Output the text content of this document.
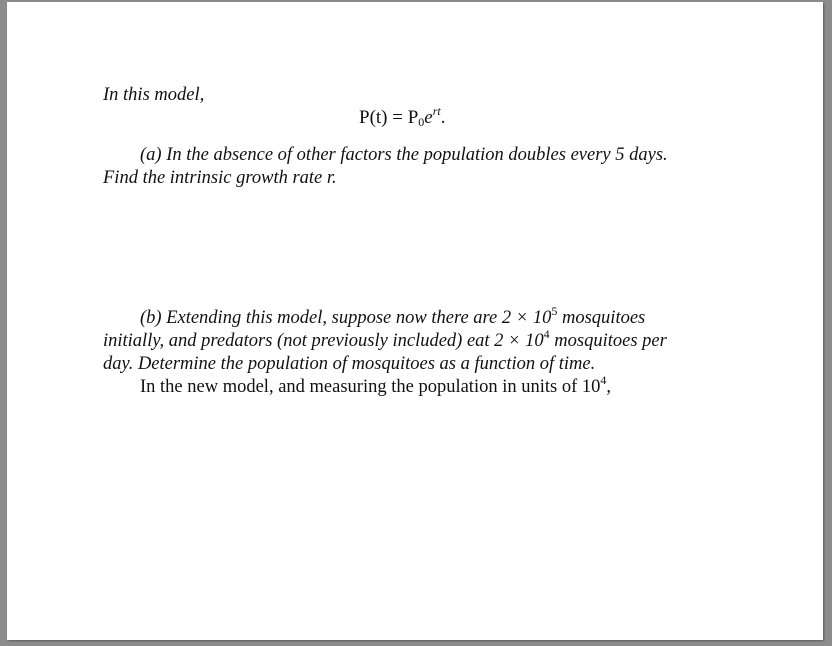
In this model,
$P(t) = P_0e^{rt}$.
(a) In the absence of other factors the population doubles every 5 days.
Find the intrinsic growth rate r.
(b) Extending this model, suppose now there are $2 \times 10^5$ mosquitoes
initially, and predators (not previously included) eat $2 \times 10^4$ mosquitoes per
day. Determine the population of mosquitoes as a function of time.
In the new model, and measuring the population in units of $10^4$,
